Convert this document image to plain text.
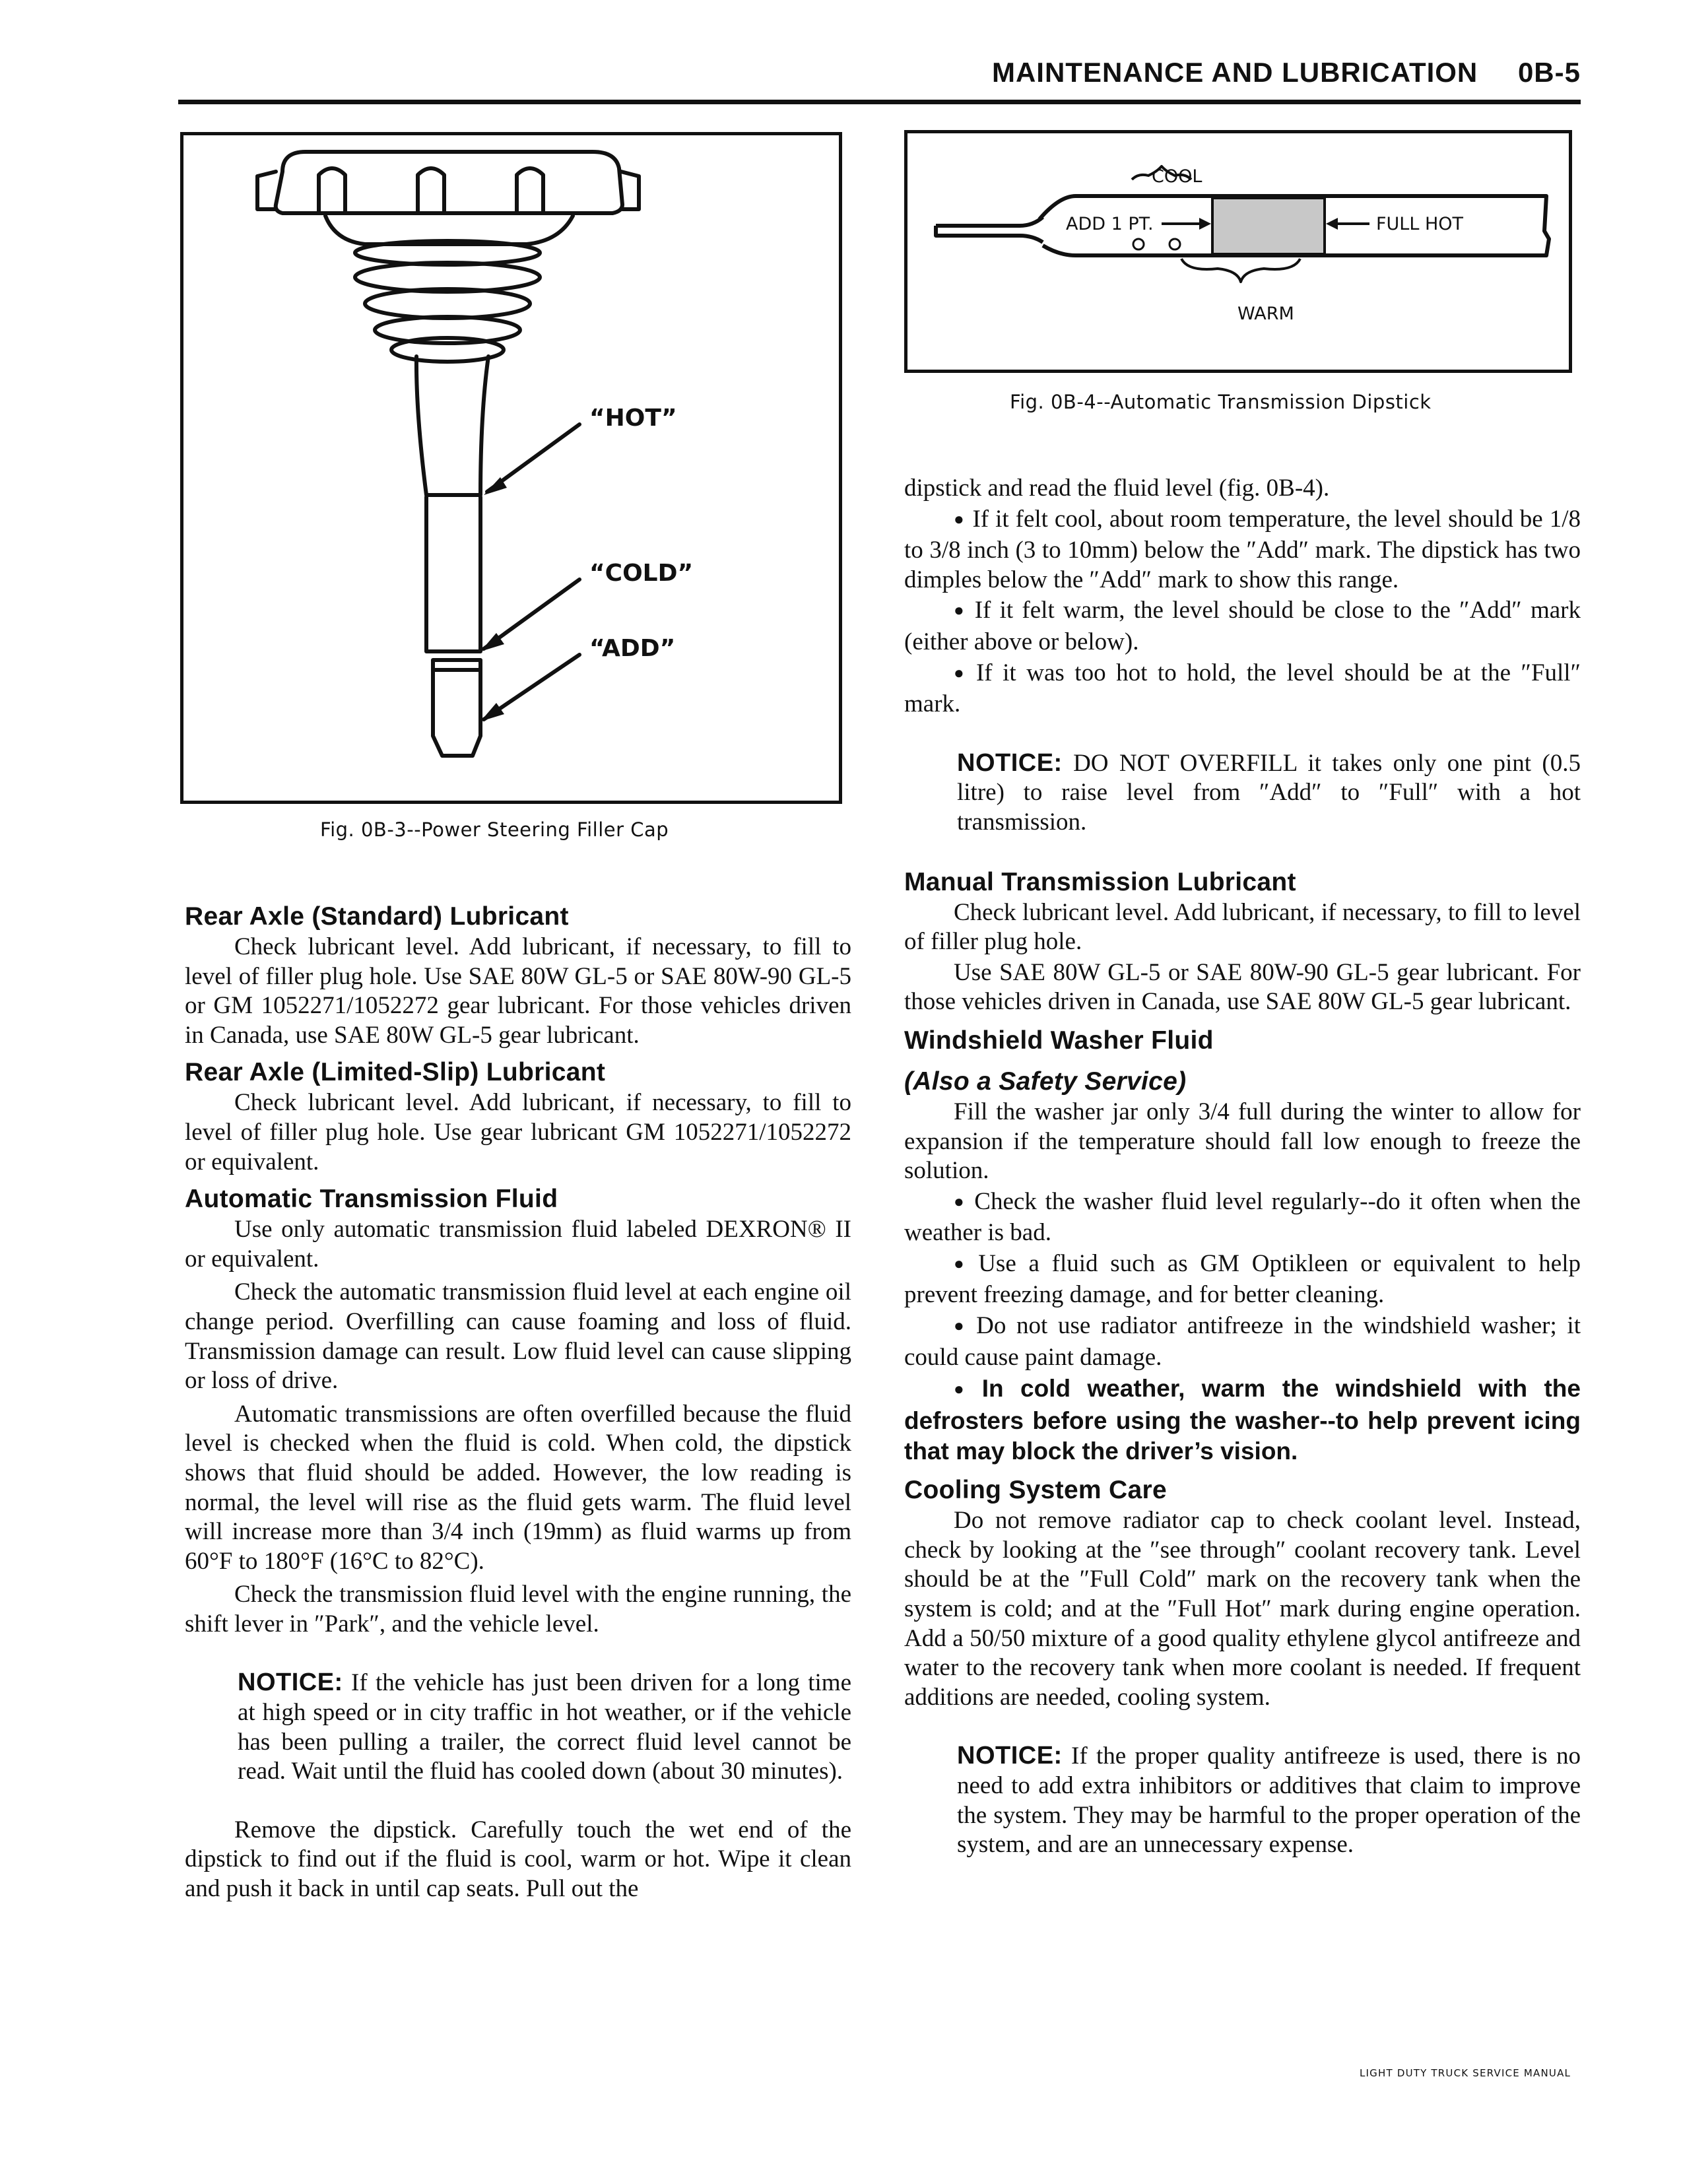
MAINTENANCE AND LUBRICATION 0B-5
“HOT”
“COLD”
“ADD”
Fig. 0B-3--Power Steering Filler Cap
COOL
ADD 1 PT.	FULL HOT
WARM
Fig. 0B-4--Automatic Transmission Dipstick
Rear Axle (Standard) Lubricant

Check lubricant level. Add lubricant, if necessary, to fill to level of filler plug hole. Use SAE 80W GL-5 or SAE 80W-90 GL-5 or GM 1052271/1052272 gear lubricant. For those vehicles driven in Canada, use SAE 80W GL-5 gear lubricant.

Rear Axle (Limited-Slip) Lubricant

Check lubricant level. Add lubricant, if necessary, to fill to level of filler plug hole. Use gear lubricant GM 1052271/1052272 or equivalent.

Automatic Transmission Fluid

Use only automatic transmission fluid labeled DEXRON® II or equivalent.

Check the automatic transmission fluid level at each engine oil change period. Overfilling can cause foaming and loss of fluid. Transmission damage can result. Low fluid level can cause slipping or loss of drive.

Automatic transmissions are often overfilled because the fluid level is checked when the fluid is cold. When cold, the dipstick shows that fluid should be added. However, the low reading is normal, the level will rise as the fluid gets warm. The fluid level will increase more than 3/4 inch (19mm) as fluid warms up from 60°F to 180°F (16°C to 82°C).

Check the transmission fluid level with the engine running, the shift lever in ″Park″, and the vehicle level.

NOTICE: If the vehicle has just been driven for a long time at high speed or in city traffic in hot weather, or if the vehicle has been pulling a trailer, the correct fluid level cannot be read. Wait until the fluid has cooled down (about 30 minutes).

Remove the dipstick. Carefully touch the wet end of the dipstick to find out if the fluid is cool, warm or hot. Wipe it clean and push it back in until cap seats. Pull out the

dipstick and read the fluid level (fig. 0B-4).

● If it felt cool, about room temperature, the level should be 1/8 to 3/8 inch (3 to 10mm) below the ″Add″ mark. The dipstick has two dimples below the ″Add″ mark to show this range.

● If it felt warm, the level should be close to the ″Add″ mark (either above or below).

● If it was too hot to hold, the level should be at the ″Full″ mark.

NOTICE: DO NOT OVERFILL it takes only one pint (0.5 litre) to raise level from ″Add″ to ″Full″ with a hot transmission.

Manual Transmission Lubricant

Check lubricant level. Add lubricant, if necessary, to fill to level of filler plug hole.

Use SAE 80W GL-5 or SAE 80W-90 GL-5 gear lubricant. For those vehicles driven in Canada, use SAE 80W GL-5 gear lubricant.

Windshield Washer Fluid
(Also a Safety Service)

Fill the washer jar only 3/4 full during the winter to allow for expansion if the temperature should fall low enough to freeze the solution.

● Check the washer fluid level regularly--do it often when the weather is bad.

● Use a fluid such as GM Optikleen or equivalent to help prevent freezing damage, and for better cleaning.

● Do not use radiator antifreeze in the windshield washer; it could cause paint damage.

● In cold weather, warm the windshield with the defrosters before using the washer--to help prevent icing that may block the driver’s vision.

Cooling System Care

Do not remove radiator cap to check coolant level. Instead, check by looking at the ″see through″ coolant recovery tank. Level should be at the ″Full Cold″ mark on the recovery tank when the system is cold; and at the ″Full Hot″ mark during engine operation. Add a 50/50 mixture of a good quality ethylene glycol antifreeze and water to the recovery tank when more coolant is needed. If frequent additions are needed, cooling system.

NOTICE: If the proper quality antifreeze is used, there is no need to add extra inhibitors or additives that claim to improve the system. They may be harmful to the proper operation of the system, and are an unnecessary expense.

LIGHT DUTY TRUCK SERVICE MANUAL
